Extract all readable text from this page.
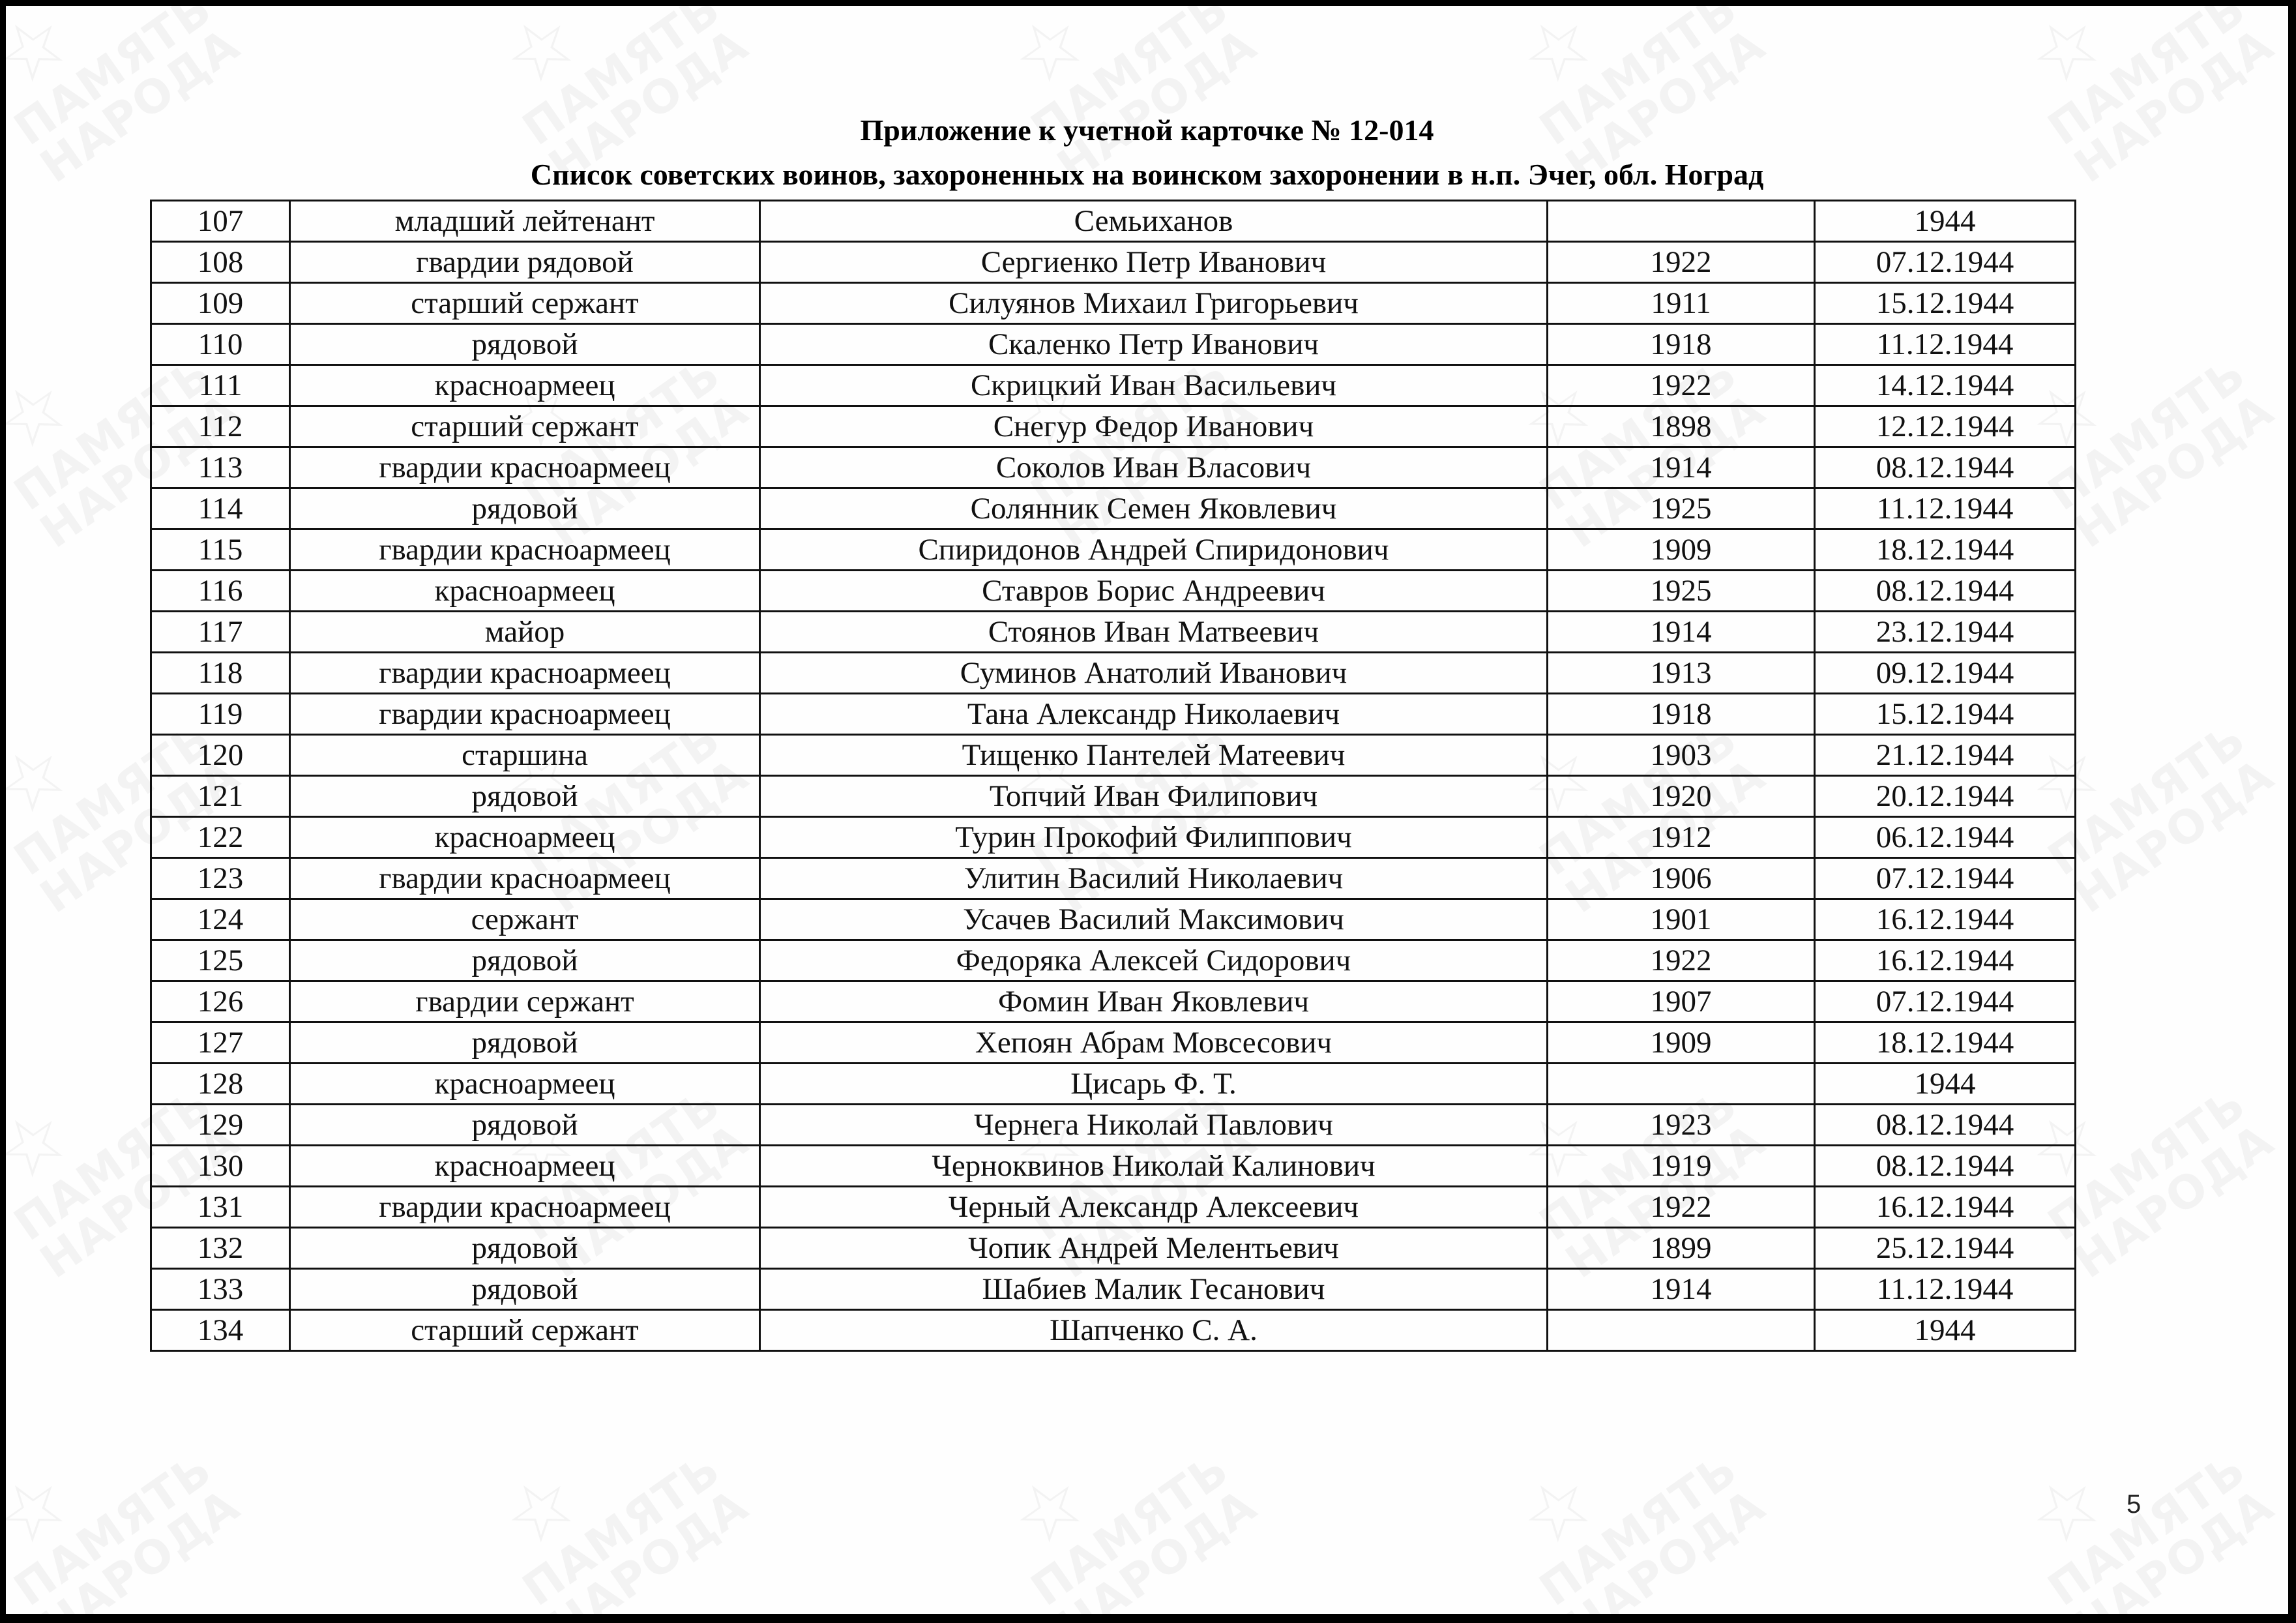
Приложение к учетной карточке № 12-014
Список советских воинов, захороненных на воинском захоронении в н.п. Эчег, обл. Ноград
107	младший лейтенант	Семьиханов		1944
108	гвардии рядовой	Сергиенко Петр Иванович	1922	07.12.1944
109	старший сержант	Силуянов Михаил Григорьевич	1911	15.12.1944
110	рядовой	Скаленко Петр Иванович	1918	11.12.1944
111	красноармеец	Скрицкий Иван Васильевич	1922	14.12.1944
112	старший сержант	Снегур Федор Иванович	1898	12.12.1944
113	гвардии красноармеец	Соколов Иван Власович	1914	08.12.1944
114	рядовой	Солянник Семен Яковлевич	1925	11.12.1944
115	гвардии красноармеец	Спиридонов Андрей Спиридонович	1909	18.12.1944
116	красноармеец	Ставров Борис Андреевич	1925	08.12.1944
117	майор	Стоянов Иван Матвеевич	1914	23.12.1944
118	гвардии красноармеец	Суминов Анатолий Иванович	1913	09.12.1944
119	гвардии красноармеец	Тана Александр Николаевич	1918	15.12.1944
120	старшина	Тищенко Пантелей Матеевич	1903	21.12.1944
121	рядовой	Топчий Иван Филипович	1920	20.12.1944
122	красноармеец	Турин Прокофий Филиппович	1912	06.12.1944
123	гвардии красноармеец	Улитин Василий Николаевич	1906	07.12.1944
124	сержант	Усачев Василий Максимович	1901	16.12.1944
125	рядовой	Федоряка Алексей Сидорович	1922	16.12.1944
126	гвардии сержант	Фомин Иван Яковлевич	1907	07.12.1944
127	рядовой	Хепоян Абрам Мовсесович	1909	18.12.1944
128	красноармеец	Цисарь Ф. Т.		1944
129	рядовой	Чернега Николай Павлович	1923	08.12.1944
130	красноармеец	Черноквинов Николай Калинович	1919	08.12.1944
131	гвардии красноармеец	Черный Александр Алексеевич	1922	16.12.1944
132	рядовой	Чопик Андрей Мелентьевич	1899	25.12.1944
133	рядовой	Шабиев Малик Гесанович	1914	11.12.1944
134	старший сержант	Шапченко С. А.		1944
5
